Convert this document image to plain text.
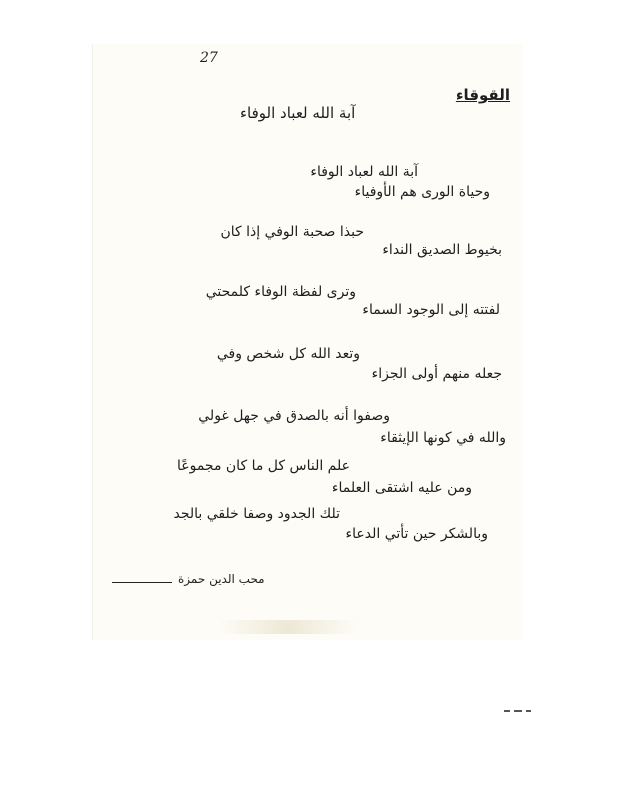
27
القوقاء
آبة الله لعباد الوفاء
آبة الله لعباد الوفاء
وحياة الورى هم الأوفياء
حبذا صحبة الوفي إذا كان
بخيوط الصديق النداء
وترى لفظة الوفاء كلمحتي
لفتته إلى الوجود السماء
وتعد الله كل شخص وفي
جعله منهم أولى الجزاء
وصفوا أنه بالصدق في جهل غولي
والله في كونها الإيثقاء
علم الناس كل ما كان مجموعًا
ومن عليه اشتقى العلماء
تلك الجدود وصفا خلقي بالجد
وبالشكر حين تأتي الدعاء
محب الدين حمزة
